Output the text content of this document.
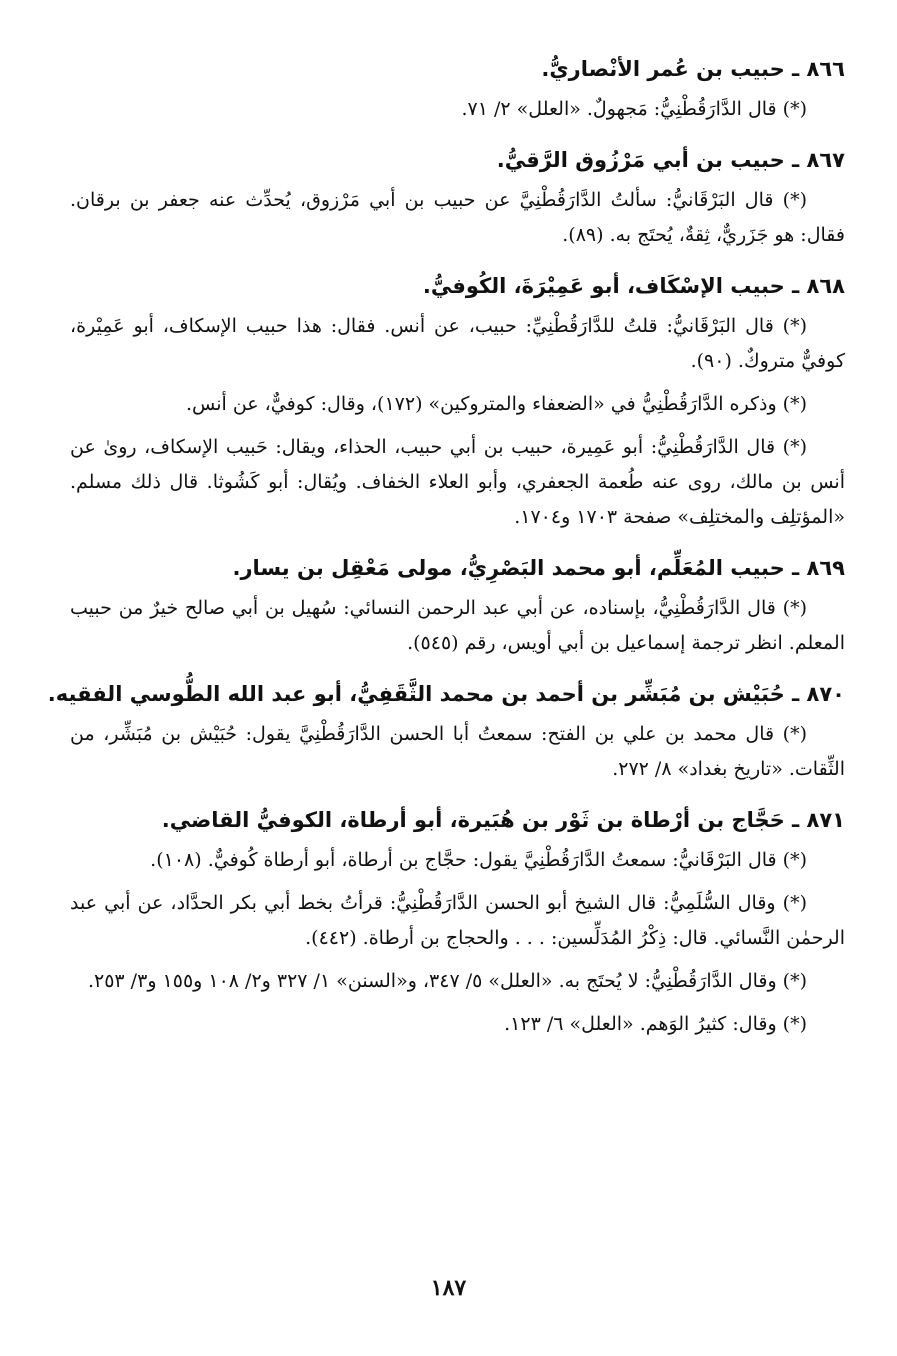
٨٦٦ ـ حبيب بن عُمر الأنْصاريُّ.

(*) قال الدَّارَقُطْنِيُّ: مَجهولٌ. «العلل» ٢/ ٧١.

٨٦٧ ـ حبيب بن أبي مَرْزُوق الرَّقيُّ.

(*) قال البَرْقَانيُّ: سألتُ الدَّارَقُطْنِيَّ عن حبيب بن أبي مَرْزوق، يُحدِّث عنه جعفر بن برقان. فقال: هو جَزَريٌّ، ثِقةٌ، يُحتَج به. (٨٩).

٨٦٨ ـ حبيب الإسْكَاف، أبو عَمِيْرَةَ، الكُوفيُّ.

(*) قال البَرْقَانيُّ: قلتُ للدَّارَقُطْنِيِّ: حبيب، عن أنس. فقال: هذا حبيب الإسكاف، أبو عَمِيْرة، كوفيٌّ متروكٌ. (٩٠).

(*) وذكره الدَّارَقُطْنِيُّ في «الضعفاء والمتروكين» (١٧٢)، وقال: كوفيٌّ، عن أنس.

(*) قال الدَّارَقُطْنِيُّ: أبو عَمِيرة، حبيب بن أبي حبيب، الحذاء، ويقال: حَبيب الإسكاف، روىٰ عن أنس بن مالك، روى عنه طُعمة الجعفري، وأبو العلاء الخفاف. ويُقال: أبو كَشُوثا. قال ذلك مسلم. «المؤتلِف والمختلِف» صفحة ١٧٠٣ و١٧٠٤.

٨٦٩ ـ حبيب المُعَلِّم، أبو محمد البَصْرِيُّ، مولى مَعْقِل بن يسار.

(*) قال الدَّارَقُطْنِيُّ، بإسناده، عن أبي عبد الرحمن النسائي: سُهيل بن أبي صالح خيرٌ من حبيب المعلم. انظر ترجمة إسماعيل بن أبي أويس، رقم (٥٤٥).

٨٧٠ ـ حُبَيْش بن مُبَشِّر بن أحمد بن محمد الثَّقَفِيُّ، أبو عبد الله الطُّوسي الفقيه.

(*) قال محمد بن علي بن الفتح: سمعتُ أبا الحسن الدَّارَقُطْنِيَّ يقول: حُبَيْش بن مُبَشِّر، من الثِّقات. «تاريخ بغداد» ٨/ ٢٧٢.

٨٧١ ـ حَجَّاج بن أرْطاة بن ثَوْر بن هُبَيرة، أبو أرطاة، الكوفيُّ القاضي.

(*) قال البَرْقَانيُّ: سمعتُ الدَّارَقُطْنِيَّ يقول: حجَّاج بن أرطاة، أبو أرطاة كُوفيٌّ. (١٠٨).

(*) وقال السُّلَمِيُّ: قال الشيخ أبو الحسن الدَّارَقُطْنِيُّ: قرأتُ بخط أبي بكر الحدَّاد، عن أبي عبد الرحمٰن النَّسائي. قال: ذِكْرُ المُدَلِّسين: . . . والحجاج بن أرطاة. (٤٤٢).

(*) وقال الدَّارَقُطْنِيُّ: لا يُحتَج به. «العلل» ٥/ ٣٤٧، و«السنن» ١/ ٣٢٧ و٢/ ١٠٨ و١٥٥ و٣/ ٢٥٣.

(*) وقال: كثيرُ الوَهم. «العلل» ٦/ ١٢٣.

١٨٧
